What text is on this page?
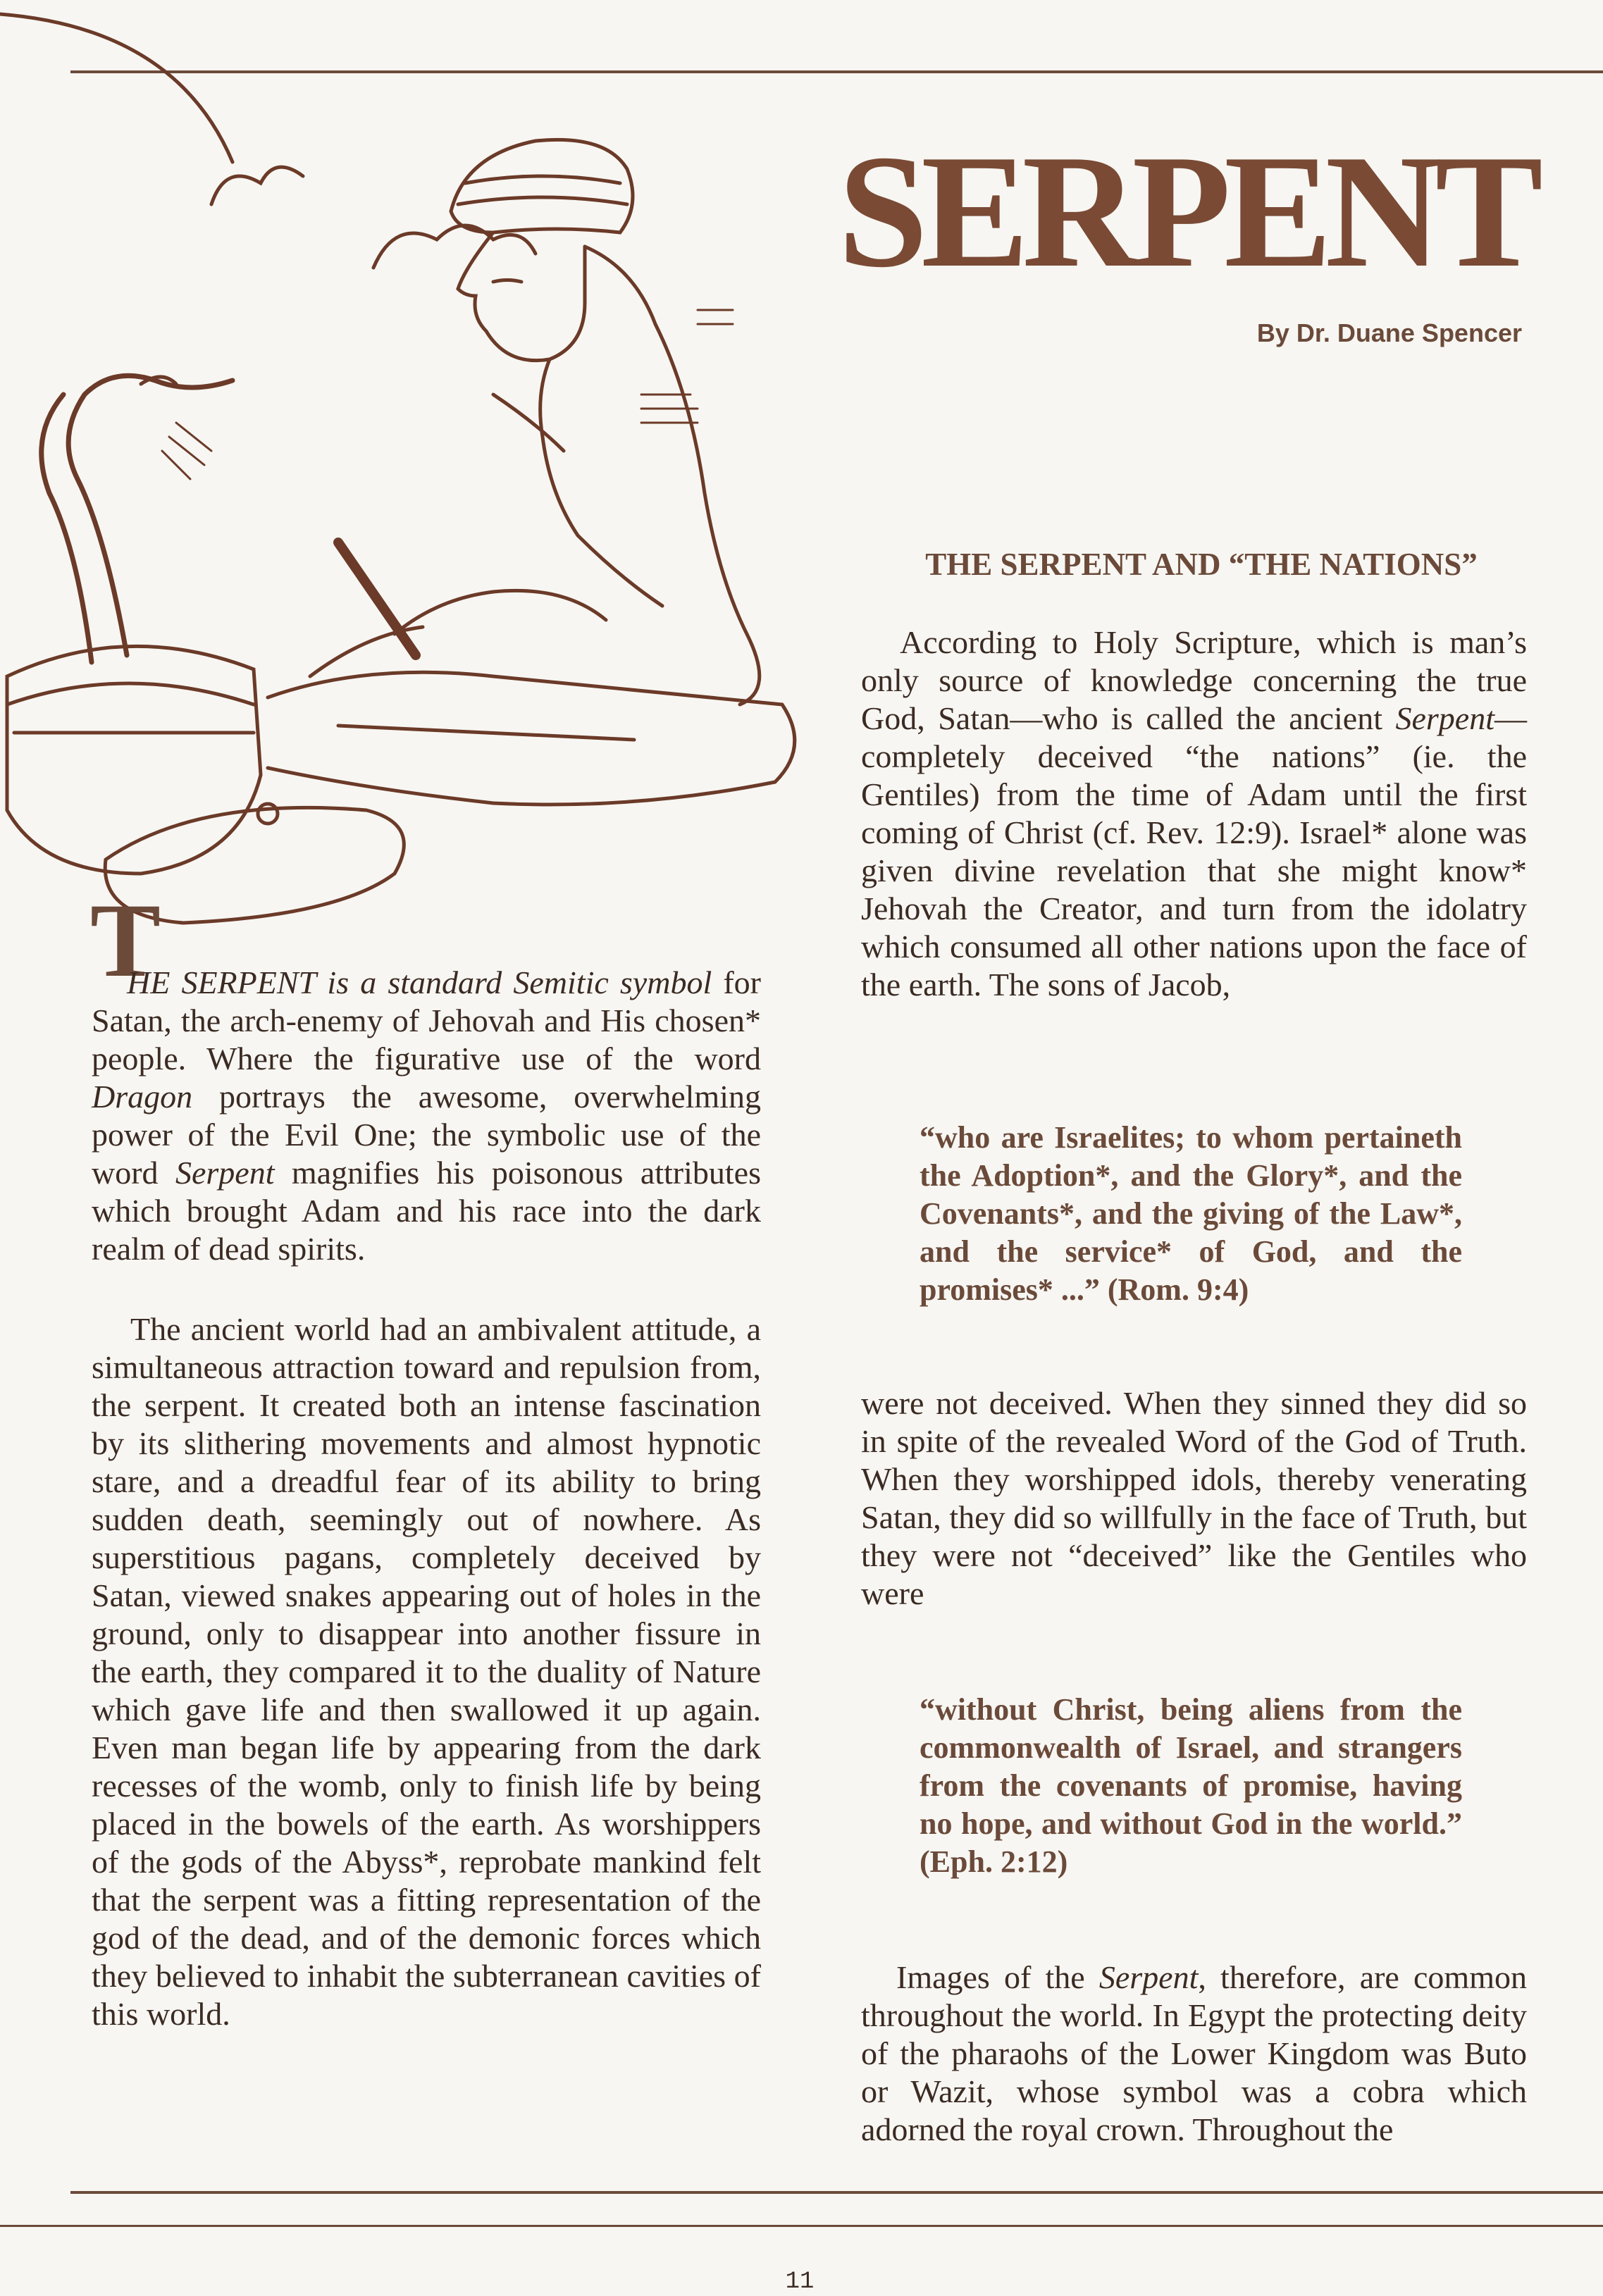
SERPENT
By Dr. Duane Spencer
THE SERPENT AND “THE NATIONS”
T
HE SERPENT is a standard Semitic symbol for Satan, the arch-enemy of Jehovah and His chosen* people. Where the figurative use of the word Dragon portrays the awesome, overwhelming power of the Evil One; the symbolic use of the word Serpent magnifies his poisonous attributes which brought Adam and his race into the dark realm of dead spirits.
The ancient world had an ambivalent attitude, a simultaneous attraction toward and repulsion from, the serpent. It created both an intense fascination by its slithering movements and almost hypnotic stare, and a dreadful fear of its ability to bring sudden death, seemingly out of nowhere. As superstitious pagans, completely deceived by Satan, viewed snakes appearing out of holes in the ground, only to disappear into another fissure in the earth, they compared it to the duality of Nature which gave life and then swallowed it up again. Even man began life by appearing from the dark recesses of the womb, only to finish life by being placed in the bowels of the earth. As worshippers of the gods of the Abyss*, reprobate mankind felt that the serpent was a fitting representation of the god of the dead, and of the demonic forces which they believed to inhabit the subterranean cavities of this world.
According to Holy Scripture, which is man’s only source of knowledge concerning the true God, Satan—who is called the ancient Serpent—completely deceived “the nations” (ie. the Gentiles) from the time of Adam until the first coming of Christ (cf. Rev. 12:9). Israel* alone was given divine revelation that she might know* Jehovah the Creator, and turn from the idolatry which consumed all other nations upon the face of the earth. The sons of Jacob,
“who are Israelites; to whom pertaineth the Adoption*, and the Glory*, and the Covenants*, and the giving of the Law*, and the service* of God, and the promises* ...” (Rom. 9:4)
were not deceived. When they sinned they did so in spite of the revealed Word of the God of Truth. When they worshipped idols, thereby venerating Satan, they did so willfully in the face of Truth, but they were not “deceived” like the Gentiles who were
“without Christ, being aliens from the commonwealth of Israel, and strangers from the covenants of promise, having no hope, and without God in the world.” (Eph. 2:12)
Images of the Serpent, therefore, are common throughout the world. In Egypt the protecting deity of the pharaohs of the Lower Kingdom was Buto or Wazit, whose symbol was a cobra which adorned the royal crown. Throughout the
11
